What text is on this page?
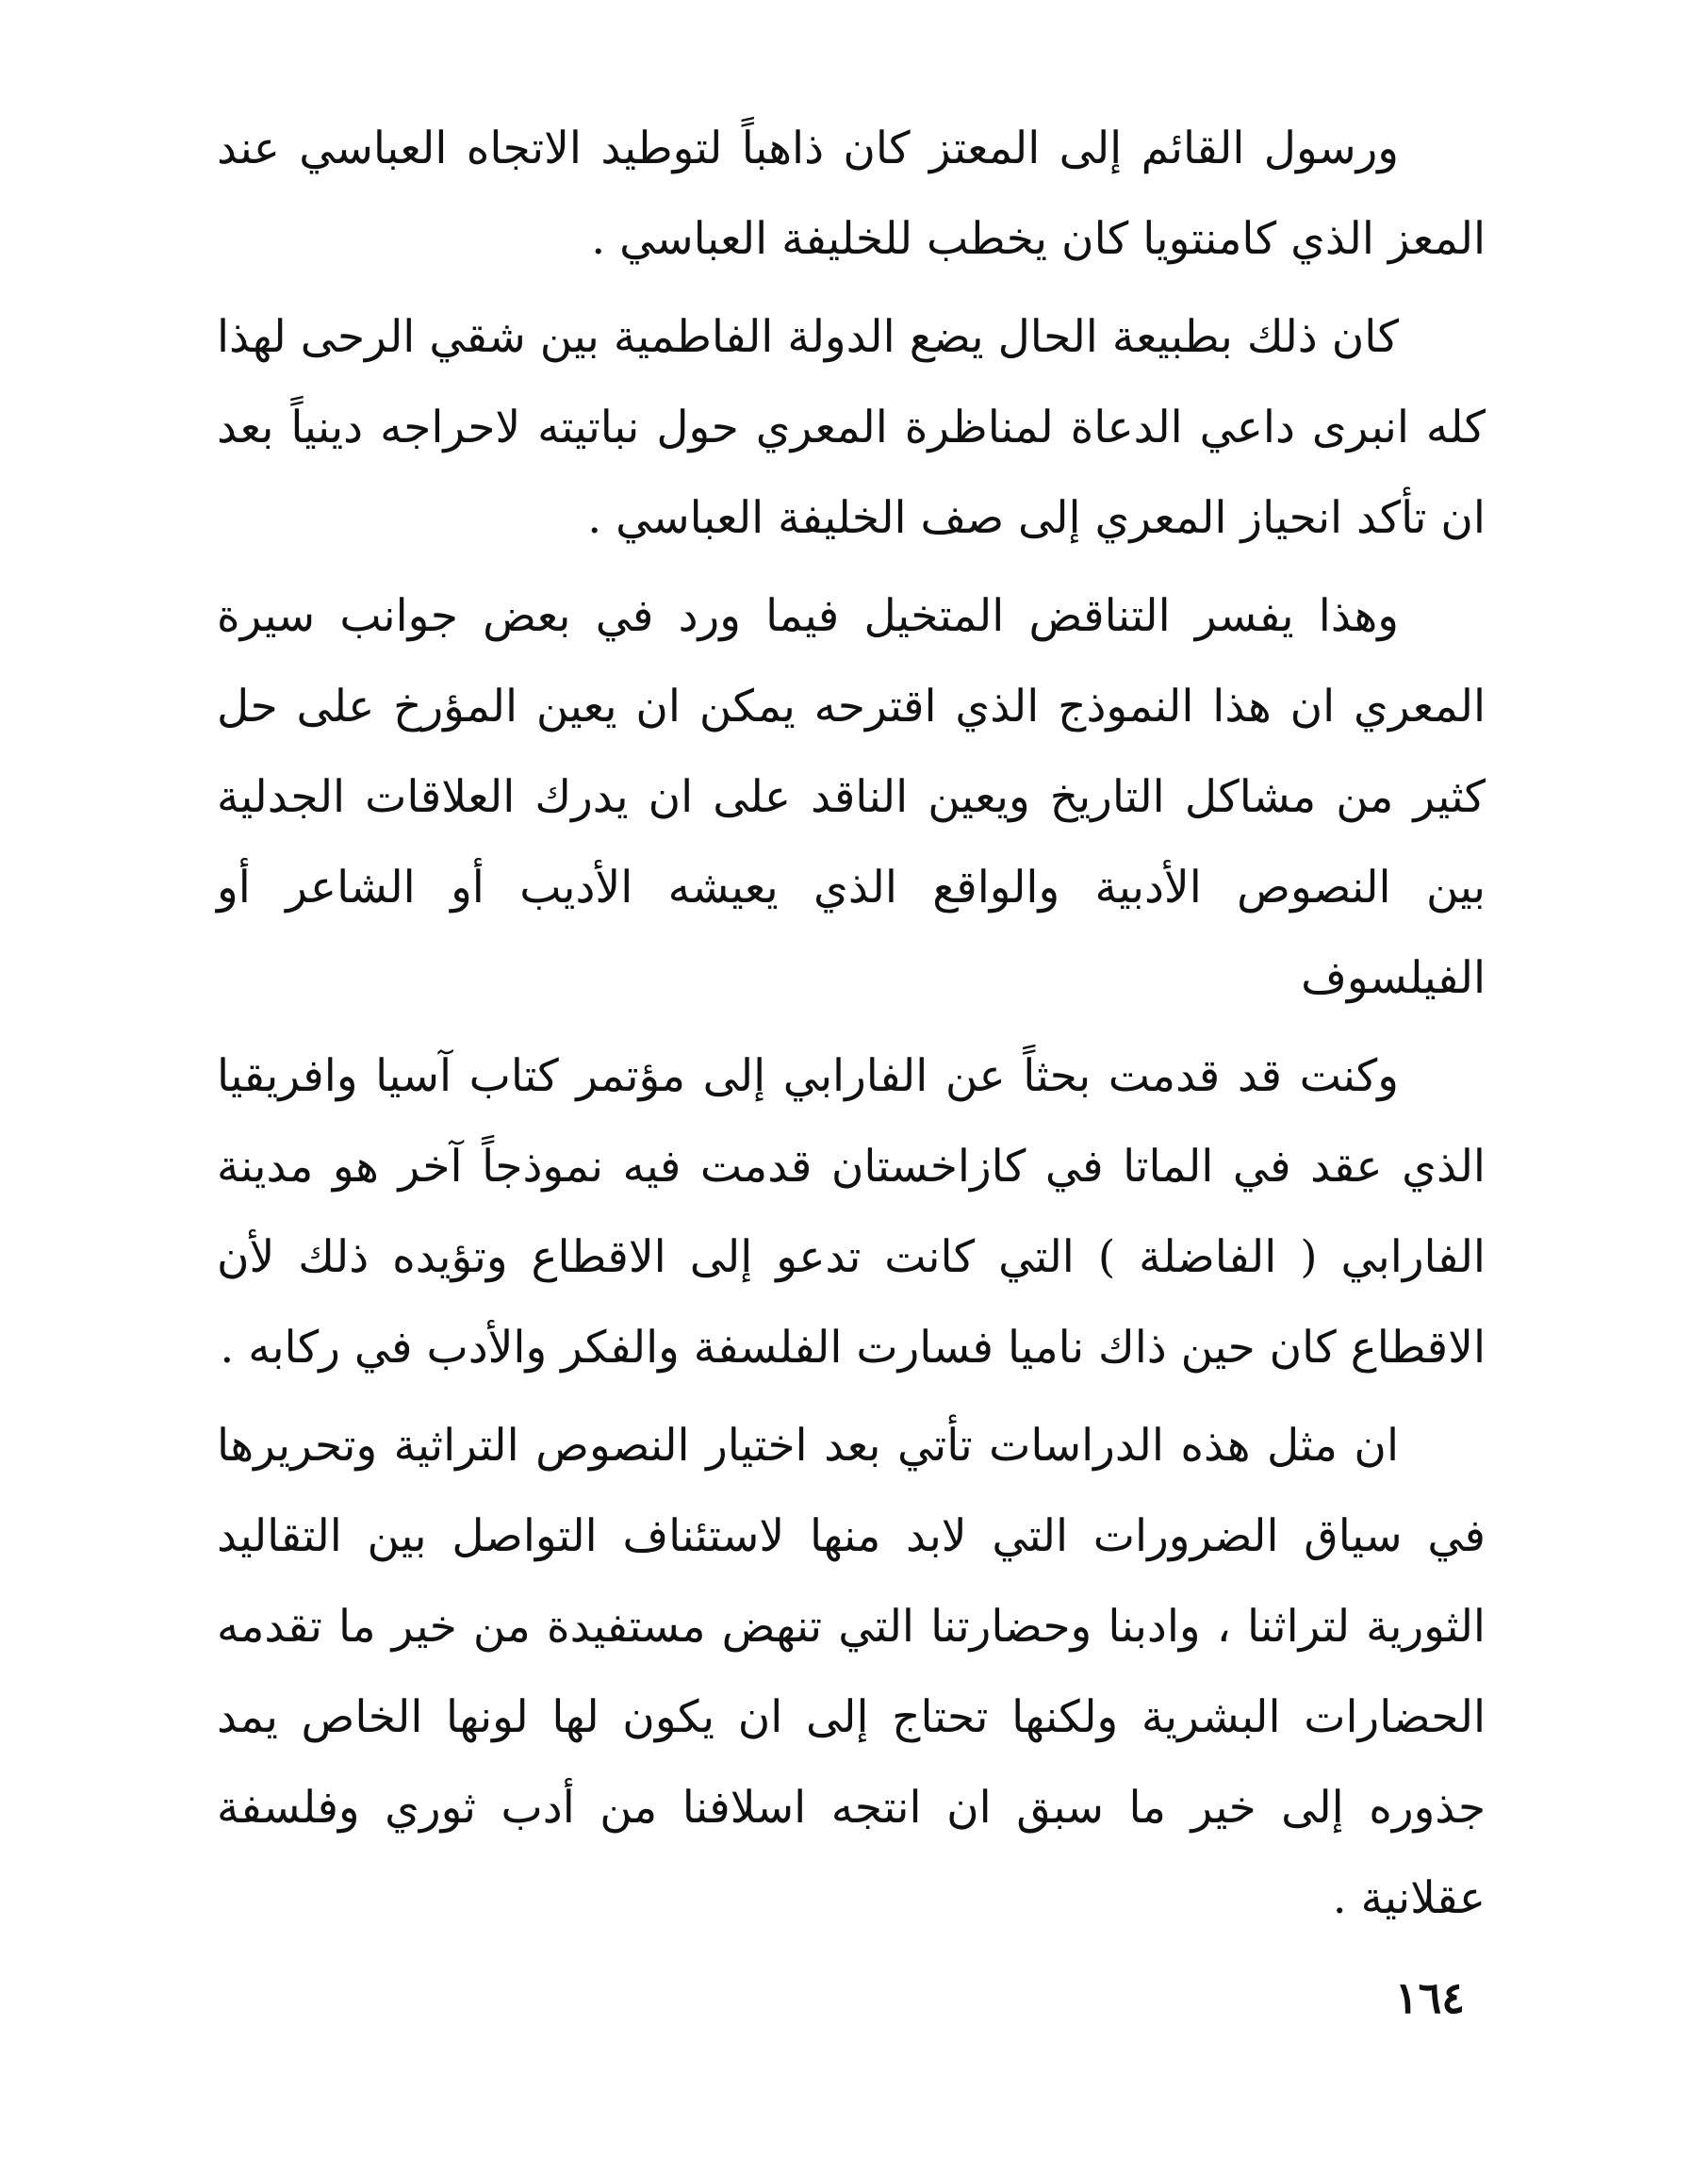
ورسول القائم إلى المعتز كان ذاهباً لتوطيد الاتجاه العباسي عند المعز الذي كامنتويا كان يخطب للخليفة العباسي .

كان ذلك بطبيعة الحال يضع الدولة الفاطمية بين شقي الرحى لهذا كله انبرى داعي الدعاة لمناظرة المعري حول نباتيته لاحراجه دينياً بعد ان تأكد انحياز المعري إلى صف الخليفة العباسي .

وهذا يفسر التناقض المتخيل فيما ورد في بعض جوانب سيرة المعري ان هذا النموذج الذي اقترحه يمكن ان يعين المؤرخ على حل كثير من مشاكل التاريخ ويعين الناقد على ان يدرك العلاقات الجدلية بين النصوص الأدبية والواقع الذي يعيشه الأديب أو الشاعر أو الفيلسوف

وكنت قد قدمت بحثاً عن الفارابي إلى مؤتمر كتاب آسيا وافريقيا الذي عقد في الماتا في كازاخستان قدمت فيه نموذجاً آخر هو مدينة الفارابي ( الفاضلة ) التي كانت تدعو إلى الاقطاع وتؤيده ذلك لأن الاقطاع كان حين ذاك ناميا فسارت الفلسفة والفكر والأدب في ركابه .

ان مثل هذه الدراسات تأتي بعد اختيار النصوص التراثية وتحريرها في سياق الضرورات التي لابد منها لاستئناف التواصل بين التقاليد الثورية لتراثنا ، وادبنا وحضارتنا التي تنهض مستفيدة من خير ما تقدمه الحضارات البشرية ولكنها تحتاج إلى ان يكون لها لونها الخاص يمد جذوره إلى خير ما سبق ان انتجه اسلافنا من أدب ثوري وفلسفة عقلانية .

١٦٤
